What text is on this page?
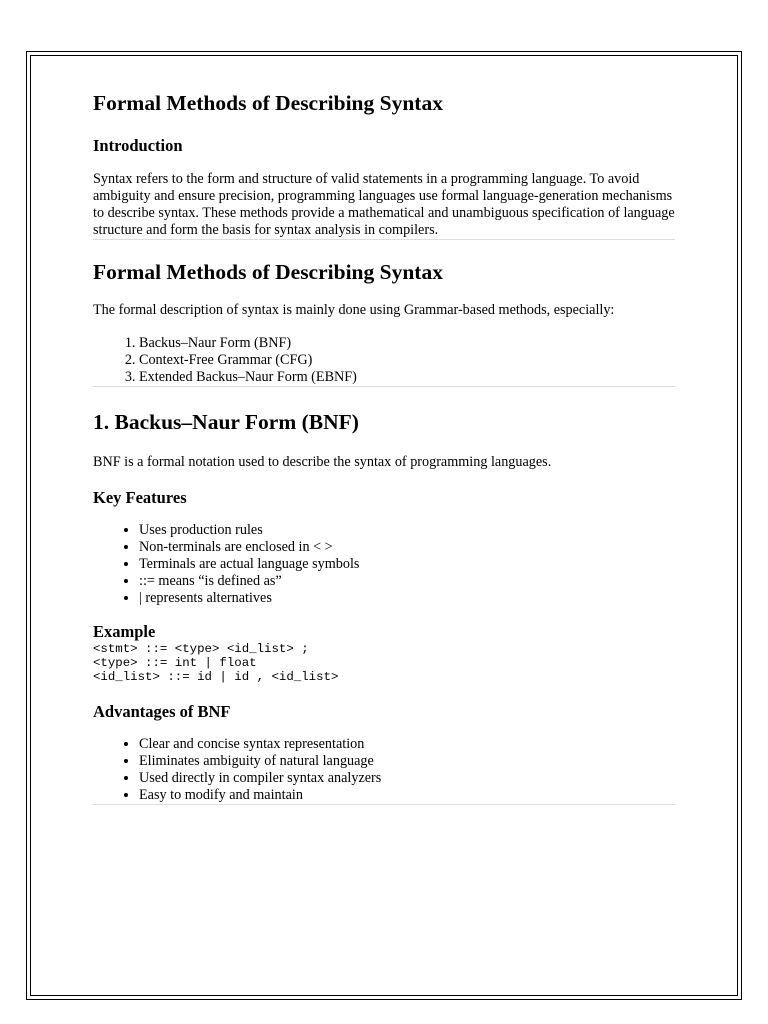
Formal Methods of Describing Syntax
Introduction

Syntax refers to the form and structure of valid statements in a programming language. To avoid ambiguity and ensure precision, programming languages use formal language-generation mechanisms to describe syntax. These methods provide a mathematical and unambiguous specification of language structure and form the basis for syntax analysis in compilers.

Formal Methods of Describing Syntax

The formal description of syntax is mainly done using Grammar-based methods, especially:

1. Backus–Naur Form (BNF)
2. Context-Free Grammar (CFG)
3. Extended Backus–Naur Form (EBNF)
1. Backus–Naur Form (BNF)

BNF is a formal notation used to describe the syntax of programming languages.

Key Features
• Uses production rules
• Non-terminals are enclosed in < >
• Terminals are actual language symbols
• ::= means “is defined as”
• | represents alternatives
Example
<stmt> ::= <type> <id_list> ;
<type> ::= int | float
<id_list> ::= id | id , <id_list>
Advantages of BNF
• Clear and concise syntax representation
• Eliminates ambiguity of natural language
• Used directly in compiler syntax analyzers
• Easy to modify and maintain
